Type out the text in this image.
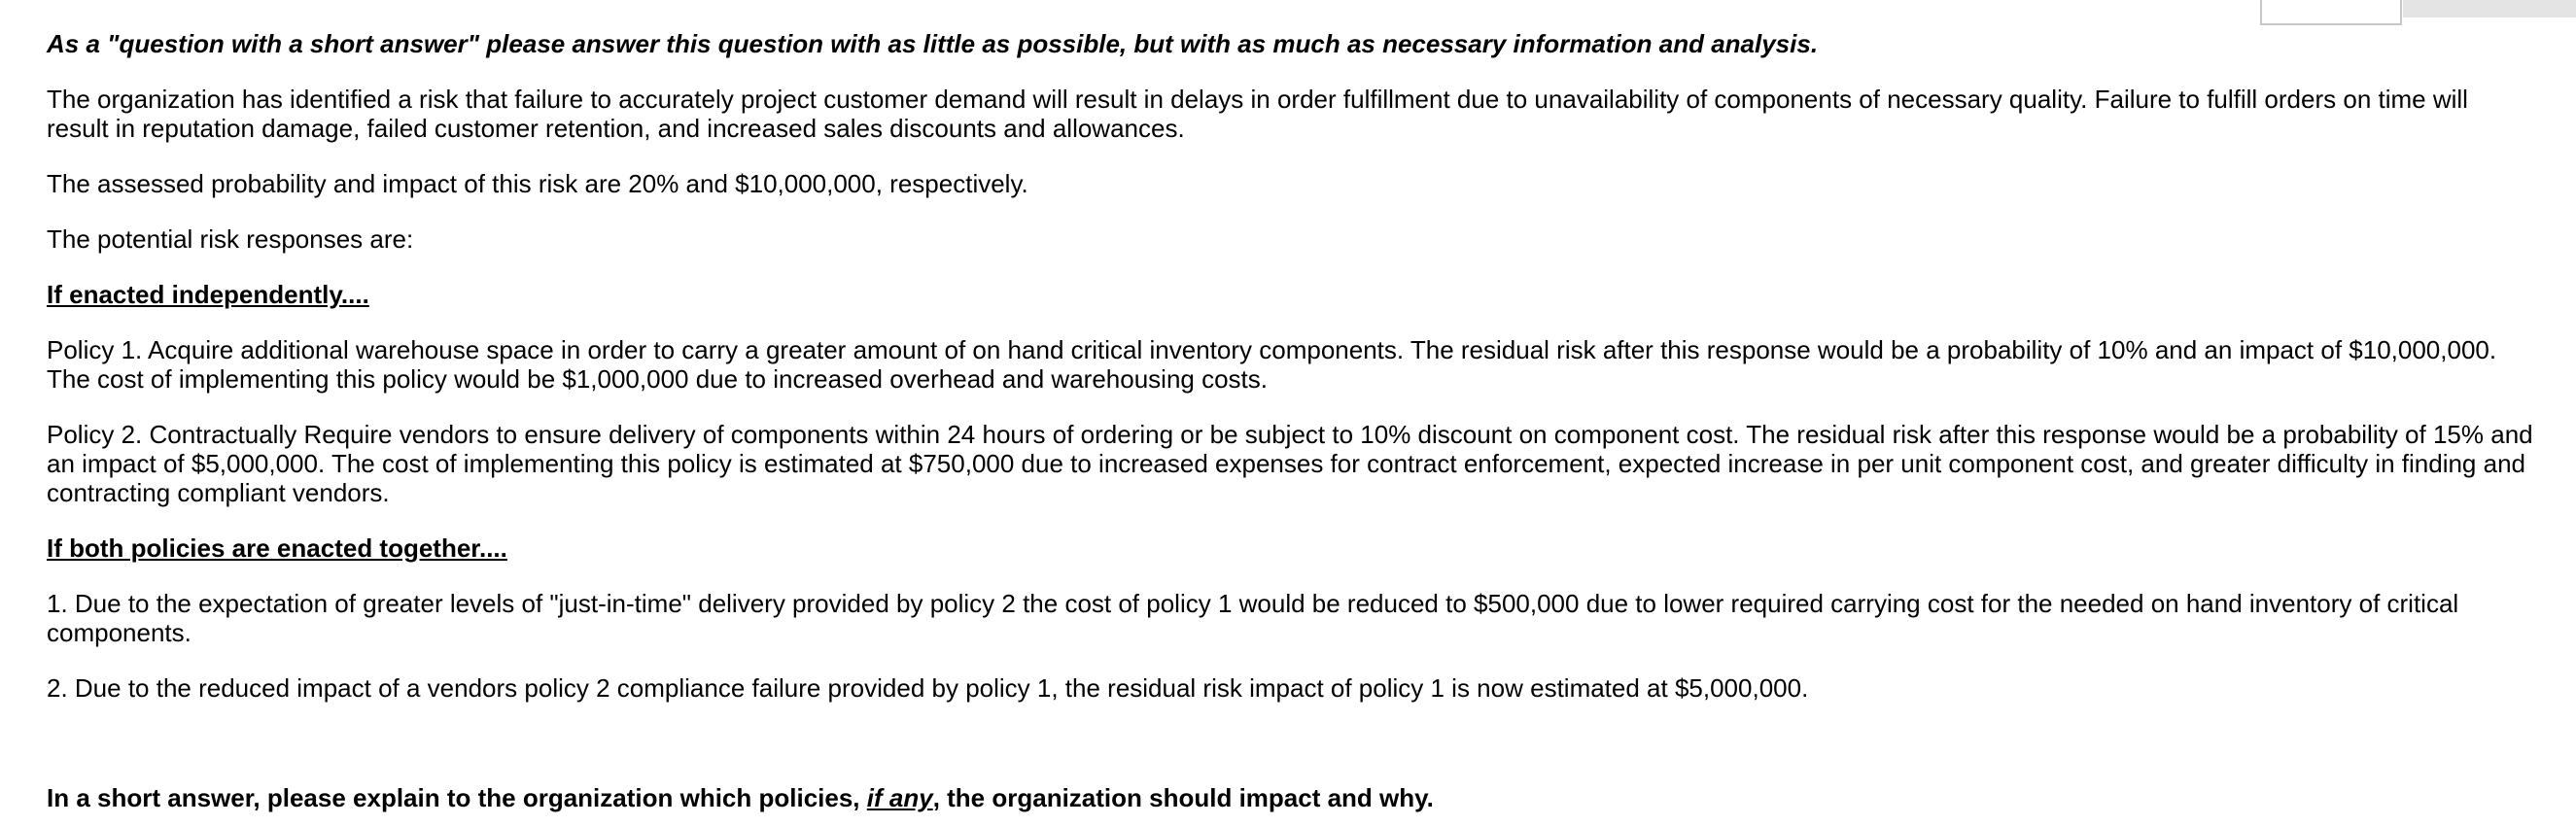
As a "question with a short answer" please answer this question with as little as possible, but with as much as necessary information and analysis.

The organization has identified a risk that failure to accurately project customer demand will result in delays in order fulfillment due to unavailability of components of necessary quality. Failure to fulfill orders on time will result in reputation damage, failed customer retention, and increased sales discounts and allowances.

The assessed probability and impact of this risk are 20% and $10,000,000, respectively.

The potential risk responses are:

If enacted independently....

Policy 1. Acquire additional warehouse space in order to carry a greater amount of on hand critical inventory components. The residual risk after this response would be a probability of 10% and an impact of $10,000,000. The cost of implementing this policy would be $1,000,000 due to increased overhead and warehousing costs.

Policy 2. Contractually Require vendors to ensure delivery of components within 24 hours of ordering or be subject to 10% discount on component cost. The residual risk after this response would be a probability of 15% and an impact of $5,000,000. The cost of implementing this policy is estimated at $750,000 due to increased expenses for contract enforcement, expected increase in per unit component cost, and greater difficulty in finding and contracting compliant vendors.

If both policies are enacted together....

1. Due to the expectation of greater levels of "just-in-time" delivery provided by policy 2 the cost of policy 1 would be reduced to $500,000 due to lower required carrying cost for the needed on hand inventory of critical components.

2. Due to the reduced impact of a vendors policy 2 compliance failure provided by policy 1, the residual risk impact of policy 1 is now estimated at $5,000,000.

In a short answer, please explain to the organization which policies, if any, the organization should impact and why.
